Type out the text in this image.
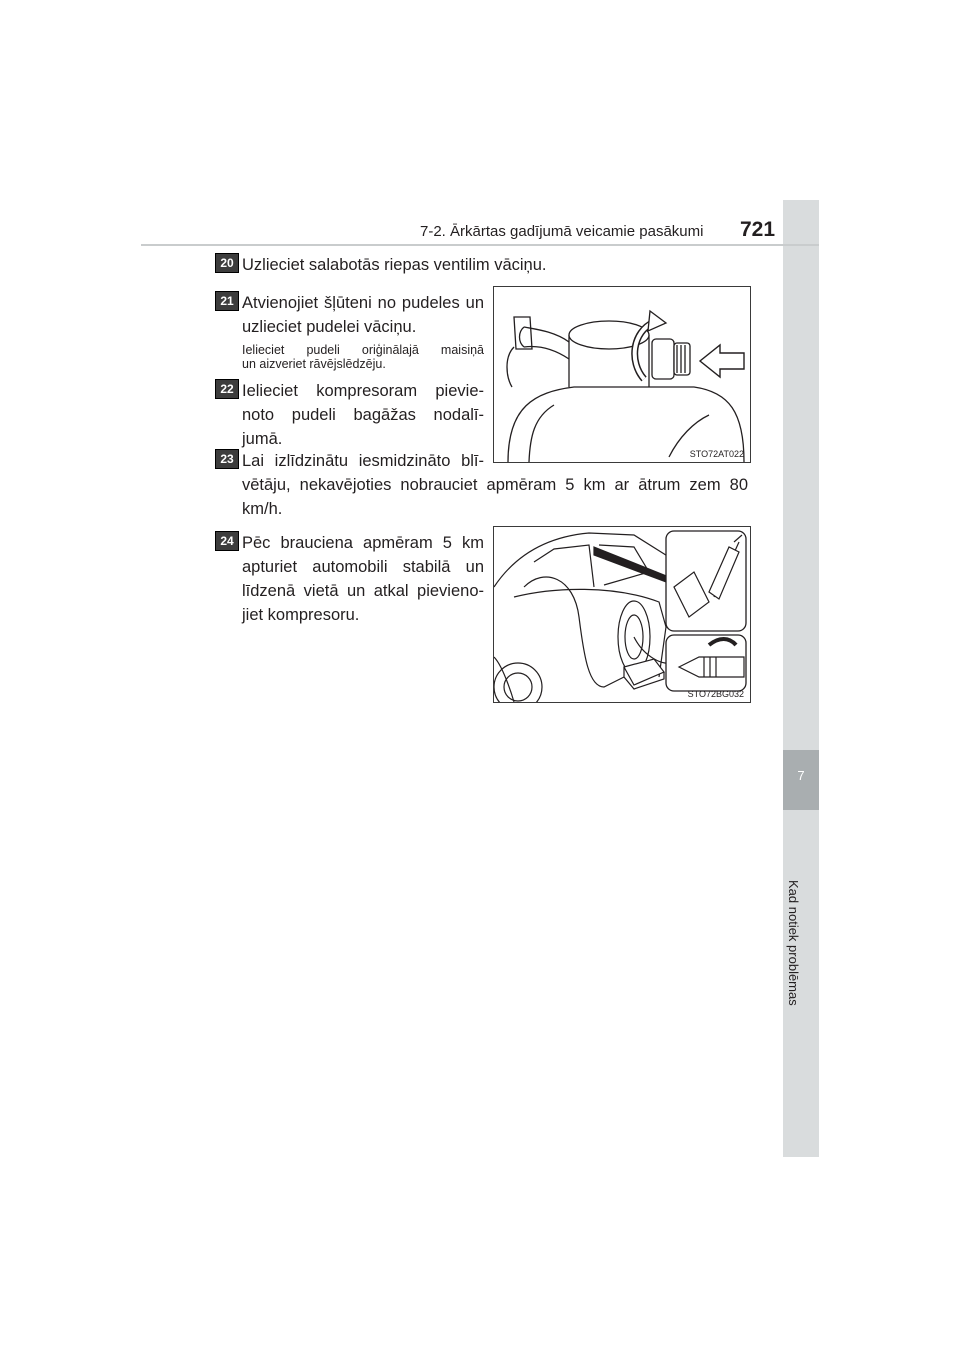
7
Kad notiek problēmas
7-2. Ārkārtas gadījumā veicamie pasākumi 721
20 Uzlieciet salabotās riepas ventilim vāciņu.
21 Atvienojiet šļūteni no pudeles un
uzlieciet pudelei vāciņu.
Ielieciet pudeli oriģinālajā maisiņā
un aizveriet rāvējslēdzēju.
22 Ielieciet kompresoram pievie-
noto pudeli bagāžas nodalī-
jumā.
23 Lai izlīdzinātu iesmidzināto blī-
vētāju, nekavējoties nobrauciet apmēram 5 km ar ātrum zem 80
km/h.
24 Pēc brauciena apmēram 5 km
apturiet automobili stabilā un
līdzenā vietā un atkal pievieno-
jiet kompresoru.
STO72AT022
STO72BG032
